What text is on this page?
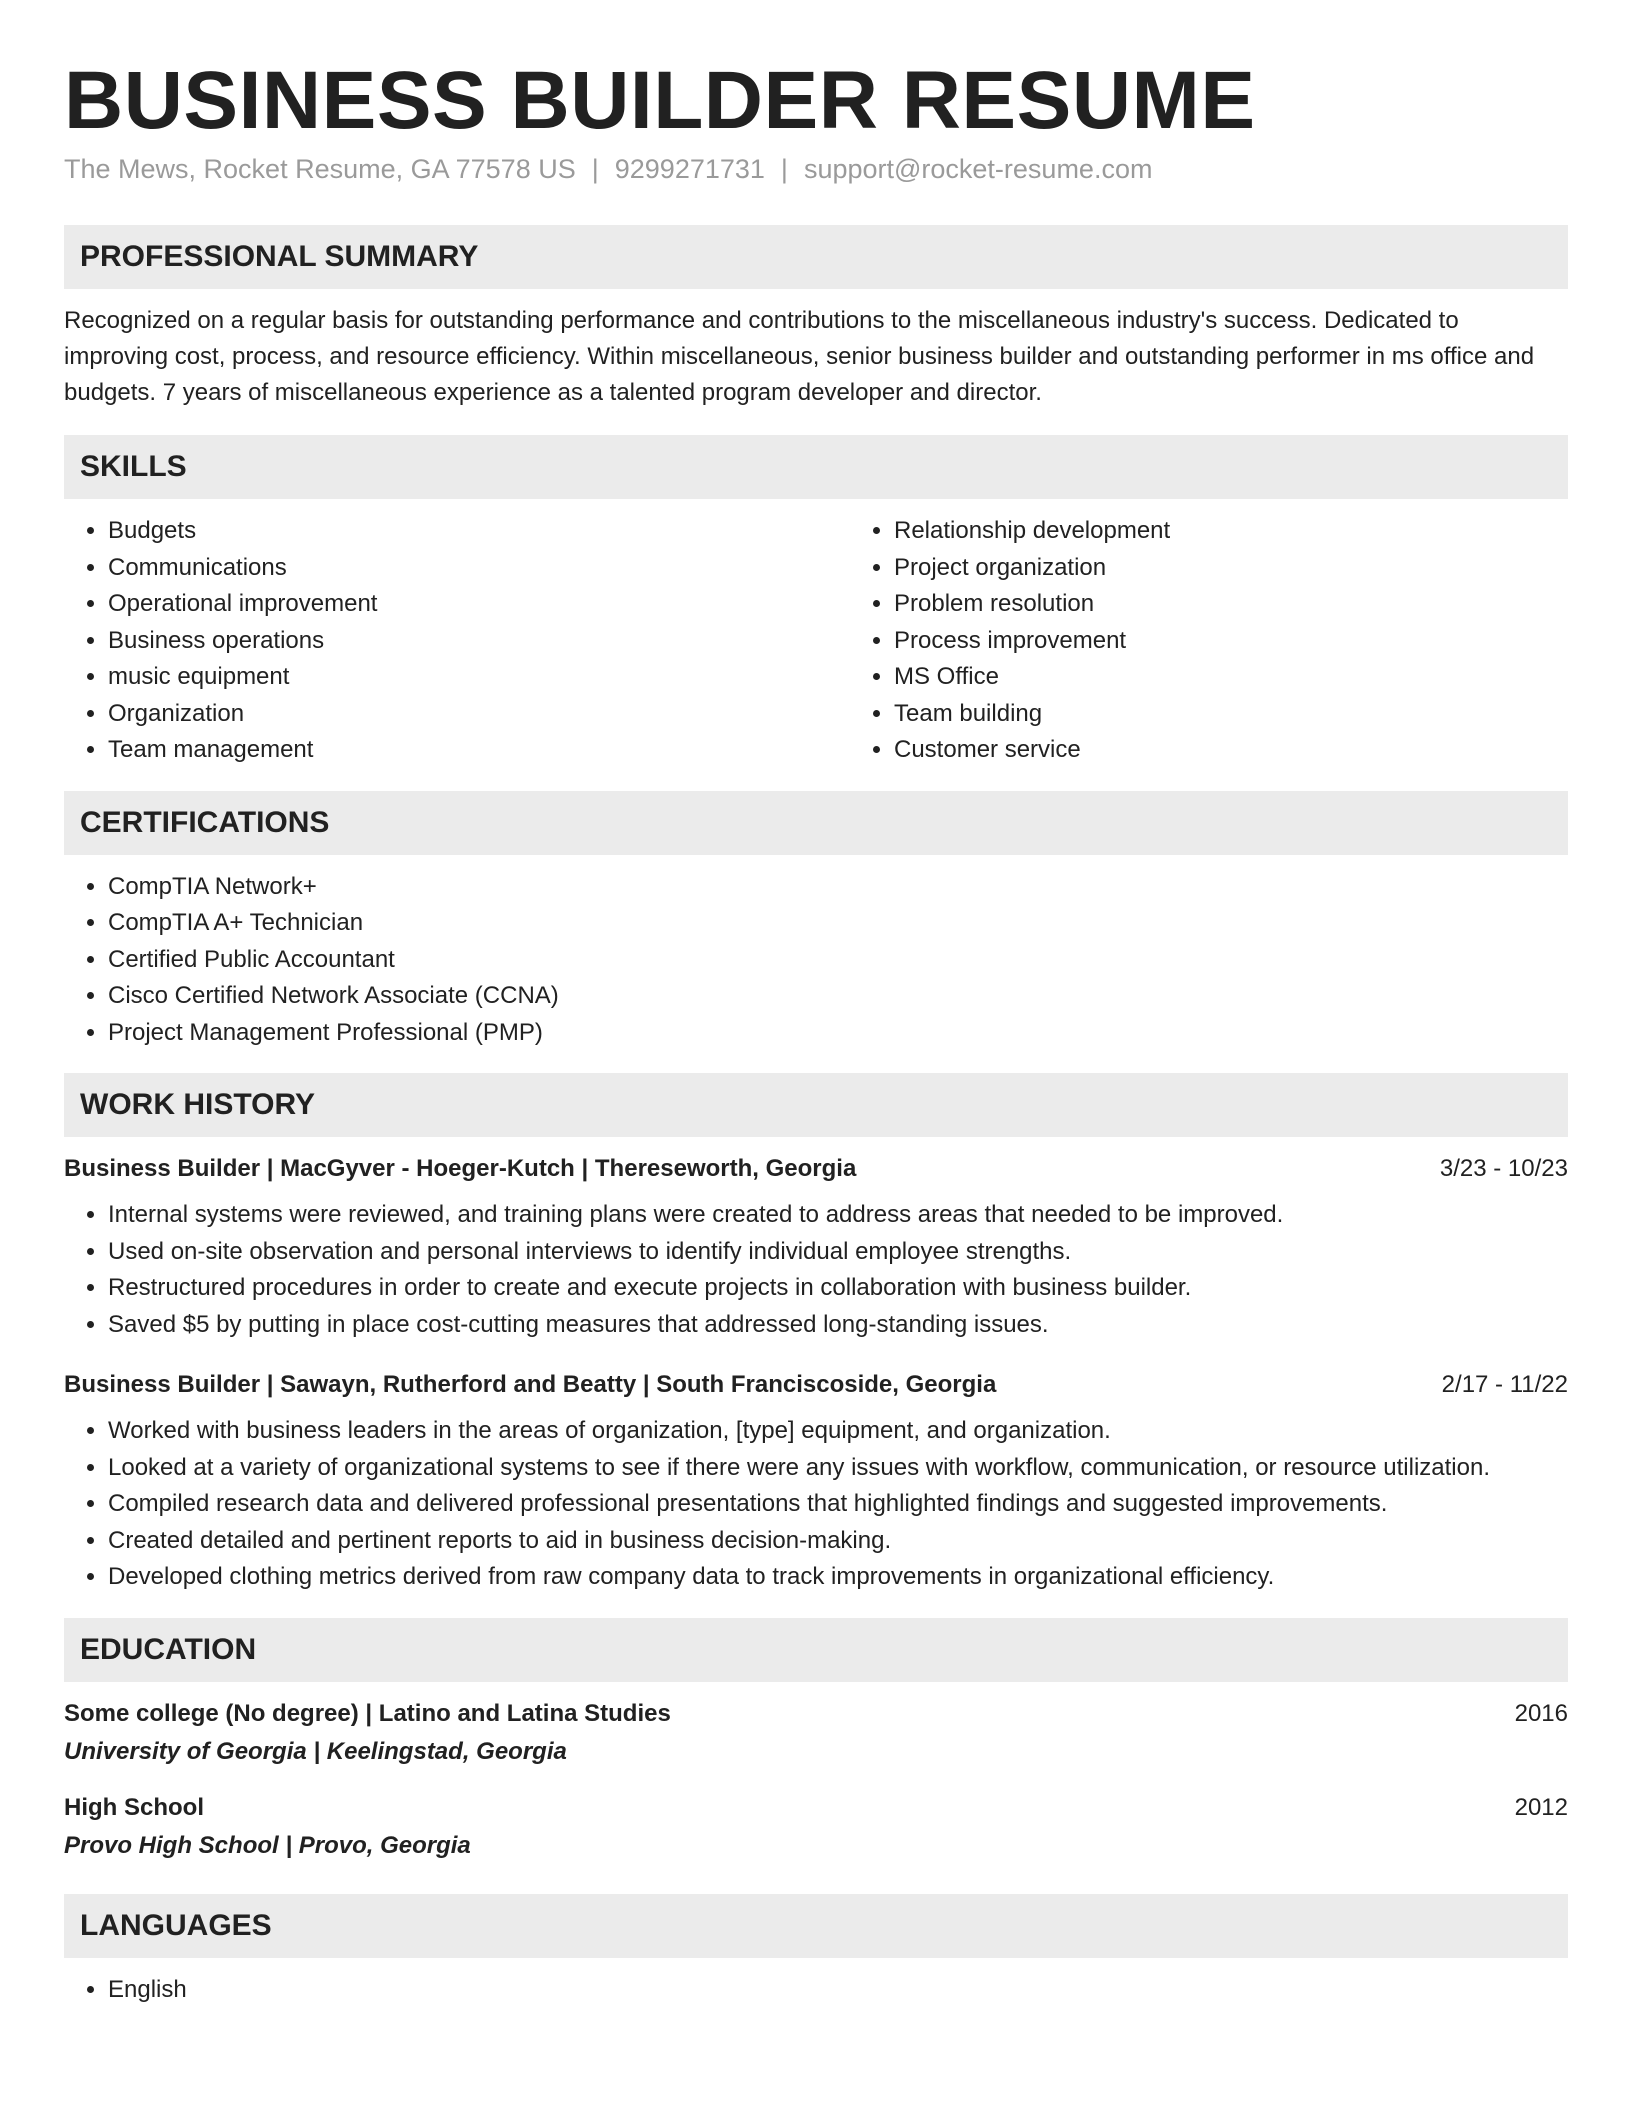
BUSINESS BUILDER RESUME
The Mews, Rocket Resume, GA 77578 US | 9299271731 | support@rocket-resume.com
PROFESSIONAL SUMMARY
Recognized on a regular basis for outstanding performance and contributions to the miscellaneous industry's success. Dedicated to improving cost, process, and resource efficiency. Within miscellaneous, senior business builder and outstanding performer in ms office and budgets. 7 years of miscellaneous experience as a talented program developer and director.
SKILLS
• Budgets
• Communications
• Operational improvement
• Business operations
• music equipment
• Organization
• Team management
• Relationship development
• Project organization
• Problem resolution
• Process improvement
• MS Office
• Team building
• Customer service
CERTIFICATIONS
• CompTIA Network+
• CompTIA A+ Technician
• Certified Public Accountant
• Cisco Certified Network Associate (CCNA)
• Project Management Professional (PMP)
WORK HISTORY
Business Builder | MacGyver - Hoeger-Kutch | Thereseworth, Georgia	3/23 - 10/23
• Internal systems were reviewed, and training plans were created to address areas that needed to be improved.
• Used on-site observation and personal interviews to identify individual employee strengths.
• Restructured procedures in order to create and execute projects in collaboration with business builder.
• Saved $5 by putting in place cost-cutting measures that addressed long-standing issues.
Business Builder | Sawayn, Rutherford and Beatty | South Franciscoside, Georgia	2/17 - 11/22
• Worked with business leaders in the areas of organization, [type] equipment, and organization.
• Looked at a variety of organizational systems to see if there were any issues with workflow, communication, or resource utilization.
• Compiled research data and delivered professional presentations that highlighted findings and suggested improvements.
• Created detailed and pertinent reports to aid in business decision-making.
• Developed clothing metrics derived from raw company data to track improvements in organizational efficiency.
EDUCATION
Some college (No degree) | Latino and Latina Studies	2016
University of Georgia | Keelingstad, Georgia
High School	2012
Provo High School | Provo, Georgia
LANGUAGES
• English
